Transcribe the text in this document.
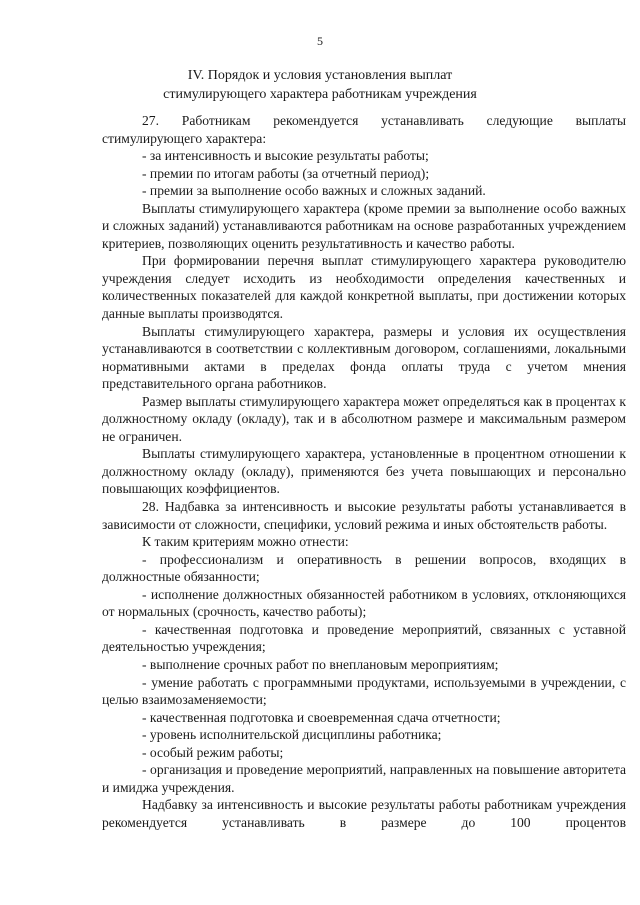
5
IV. Порядок и условия установления выплат
стимулирующего характера работникам учреждения

27. Работникам рекомендуется устанавливать следующие выплаты стимулирующего характера:

- за интенсивность и высокие результаты работы;

- премии по итогам работы (за отчетный период);

- премии за выполнение особо важных и сложных заданий.

Выплаты стимулирующего характера (кроме премии за выполнение особо важных и сложных заданий) устанавливаются работникам на основе разработанных учреждением критериев, позволяющих оценить результативность и качество работы.

При формировании перечня выплат стимулирующего характера руководителю учреждения следует исходить из необходимости определения качественных и количественных показателей для каждой конкретной выплаты, при достижении которых данные выплаты производятся.

Выплаты стимулирующего характера, размеры и условия их осуществления устанавливаются в соответствии с коллективным договором, соглашениями, локальными нормативными актами в пределах фонда оплаты труда с учетом мнения представительного органа работников.

Размер выплаты стимулирующего характера может определяться как в процентах к должностному окладу (окладу), так и в абсолютном размере и максимальным размером не ограничен.

Выплаты стимулирующего характера, установленные в процентном отношении к должностному окладу (окладу), применяются без учета повышающих и персонально повышающих коэффициентов.

28. Надбавка за интенсивность и высокие результаты работы устанавливается в зависимости от сложности, специфики, условий режима и иных обстоятельств работы.

К таким критериям можно отнести:

- профессионализм и оперативность в решении вопросов, входящих в должностные обязанности;

- исполнение должностных обязанностей работником в условиях, отклоняющихся от нормальных (срочность, качество работы);

- качественная подготовка и проведение мероприятий, связанных с уставной деятельностью учреждения;

- выполнение срочных работ по внеплановым мероприятиям;

- умение работать с программными продуктами, используемыми в учреждении, с целью взаимозаменяемости;

- качественная подготовка и своевременная сдача отчетности;

- уровень исполнительской дисциплины работника;

- особый режим работы;

- организация и проведение мероприятий, направленных на повышение авторитета и имиджа учреждения.

Надбавку за интенсивность и высокие результаты работы работникам учреждения рекомендуется устанавливать в размере до 100 процентов
